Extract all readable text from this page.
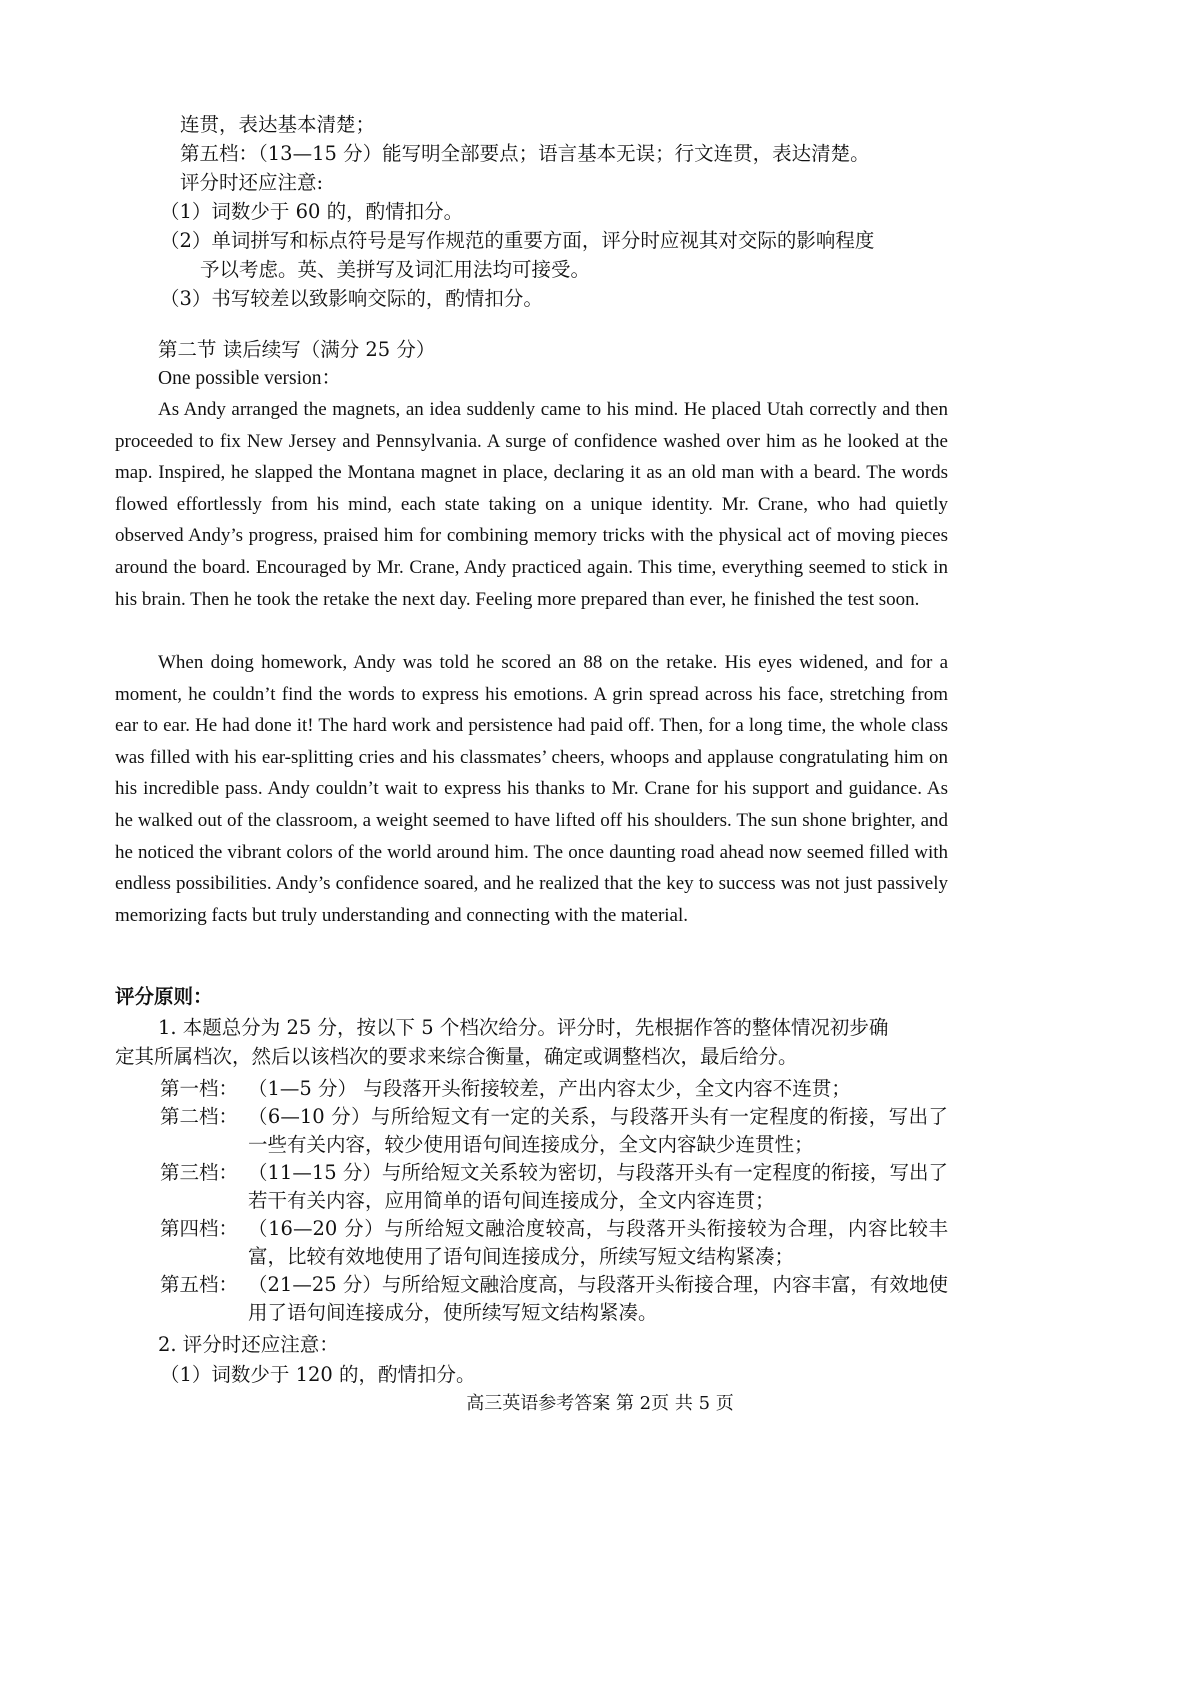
连贯，表达基本清楚；
第五档：（13—15 分）能写明全部要点；语言基本无误；行文连贯，表达清楚。
评分时还应注意:
（1）词数少于 60 的，酌情扣分。
（2）单词拼写和标点符号是写作规范的重要方面，评分时应视其对交际的影响程度
予以考虑。英、美拼写及词汇用法均可接受。
（3）书写较差以致影响交际的，酌情扣分。
第二节 读后续写（满分 25 分）
One possible version：
As Andy arranged the magnets, an idea suddenly came to his mind. He placed Utah correctly and then proceeded to fix New Jersey and Pennsylvania. A surge of confidence washed over him as he looked at the map. Inspired, he slapped the Montana magnet in place, declaring it as an old man with a beard. The words flowed effortlessly from his mind, each state taking on a unique identity. Mr. Crane, who had quietly observed Andy’s progress, praised him for combining memory tricks with the physical act of moving pieces around the board. Encouraged by Mr. Crane, Andy practiced again. This time, everything seemed to stick in his brain. Then he took the retake the next day. Feeling more prepared than ever, he finished the test soon.
When doing homework, Andy was told he scored an 88 on the retake. His eyes widened, and for a moment, he couldn’t find the words to express his emotions. A grin spread across his face, stretching from ear to ear. He had done it! The hard work and persistence had paid off. Then, for a long time, the whole class was filled with his ear-splitting cries and his classmates’ cheers, whoops and applause congratulating him on his incredible pass. Andy couldn’t wait to express his thanks to Mr. Crane for his support and guidance. As he walked out of the classroom, a weight seemed to have lifted off his shoulders. The sun shone brighter, and he noticed the vibrant colors of the world around him. The once daunting road ahead now seemed filled with endless possibilities. Andy’s confidence soared, and he realized that the key to success was not just passively memorizing facts but truly understanding and connecting with the material.
评分原则：
1. 本题总分为 25 分，按以下 5 个档次给分。评分时，先根据作答的整体情况初步确
定其所属档次，然后以该档次的要求来综合衡量，确定或调整档次，最后给分。
第一档： （1—5 分） 与段落开头衔接较差，产出内容太少，全文内容不连贯；
第二档： （6—10 分）与所给短文有一定的关系，与段落开头有一定程度的衔接，写出了一些有关内容，较少使用语句间连接成分，全文内容缺少连贯性；
第三档： （11—15 分）与所给短文关系较为密切，与段落开头有一定程度的衔接，写出了若干有关内容，应用简单的语句间连接成分，全文内容连贯；
第四档： （16—20 分）与所给短文融洽度较高，与段落开头衔接较为合理，内容比较丰富，比较有效地使用了语句间连接成分，所续写短文结构紧凑；
第五档： （21—25 分）与所给短文融洽度高，与段落开头衔接合理，内容丰富，有效地使用了语句间连接成分，使所续写短文结构紧凑。
2. 评分时还应注意：
（1）词数少于 120 的，酌情扣分。
高三英语参考答案 第 2页 共 5 页
